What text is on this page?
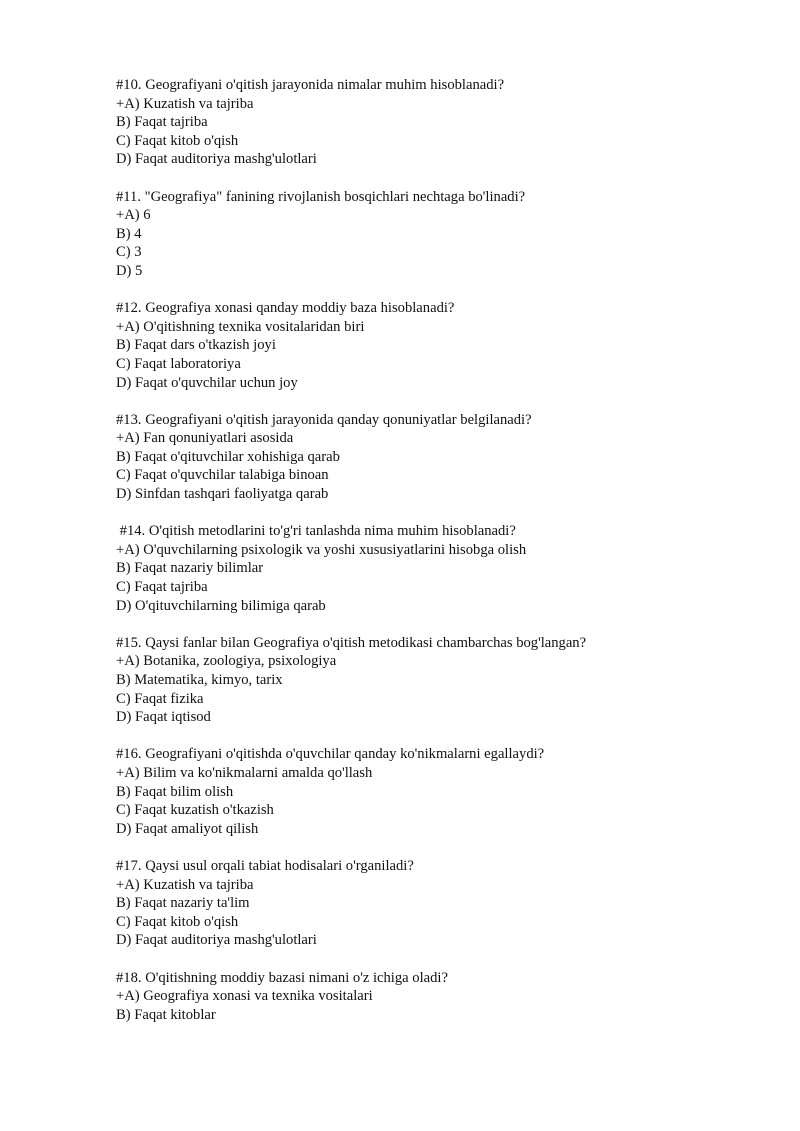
#10. Geografiyani o'qitish jarayonida nimalar muhim hisoblanadi?
+A) Kuzatish va tajriba
B) Faqat tajriba
C) Faqat kitob o'qish
D) Faqat auditoriya mashg'ulotlari
#11. "Geografiya" fanining rivojlanish bosqichlari nechtaga bo'linadi?
+A) 6
B) 4
C) 3
D) 5
#12. Geografiya xonasi qanday moddiy baza hisoblanadi?
+A) O'qitishning texnika vositalaridan biri
B) Faqat dars o'tkazish joyi
C) Faqat laboratoriya
D) Faqat o'quvchilar uchun joy
#13. Geografiyani o'qitish jarayonida qanday qonuniyatlar belgilanadi?
+A) Fan qonuniyatlari asosida
B) Faqat o'qituvchilar xohishiga qarab
C) Faqat o'quvchilar talabiga binoan
D) Sinfdan tashqari faoliyatga qarab
#14. O'qitish metodlarini to'g'ri tanlashda nima muhim hisoblanadi?
+A) O'quvchilarning psixologik va yoshi xususiyatlarini hisobga olish
B) Faqat nazariy bilimlar
C) Faqat tajriba
D) O'qituvchilarning bilimiga qarab
#15. Qaysi fanlar bilan Geografiya o'qitish metodikasi chambarchas bog'langan?
+A) Botanika, zoologiya, psixologiya
B) Matematika, kimyo, tarix
C) Faqat fizika
D) Faqat iqtisod
#16. Geografiyani o'qitishda o'quvchilar qanday ko'nikmalarni egallaydi?
+A) Bilim va ko'nikmalarni amalda qo'llash
B) Faqat bilim olish
C) Faqat kuzatish o'tkazish
D) Faqat amaliyot qilish
#17. Qaysi usul orqali tabiat hodisalari o'rganiladi?
+A) Kuzatish va tajriba
B) Faqat nazariy ta'lim
C) Faqat kitob o'qish
D) Faqat auditoriya mashg'ulotlari
#18. O'qitishning moddiy bazasi nimani o'z ichiga oladi?
+A) Geografiya xonasi va texnika vositalari
B) Faqat kitoblar
